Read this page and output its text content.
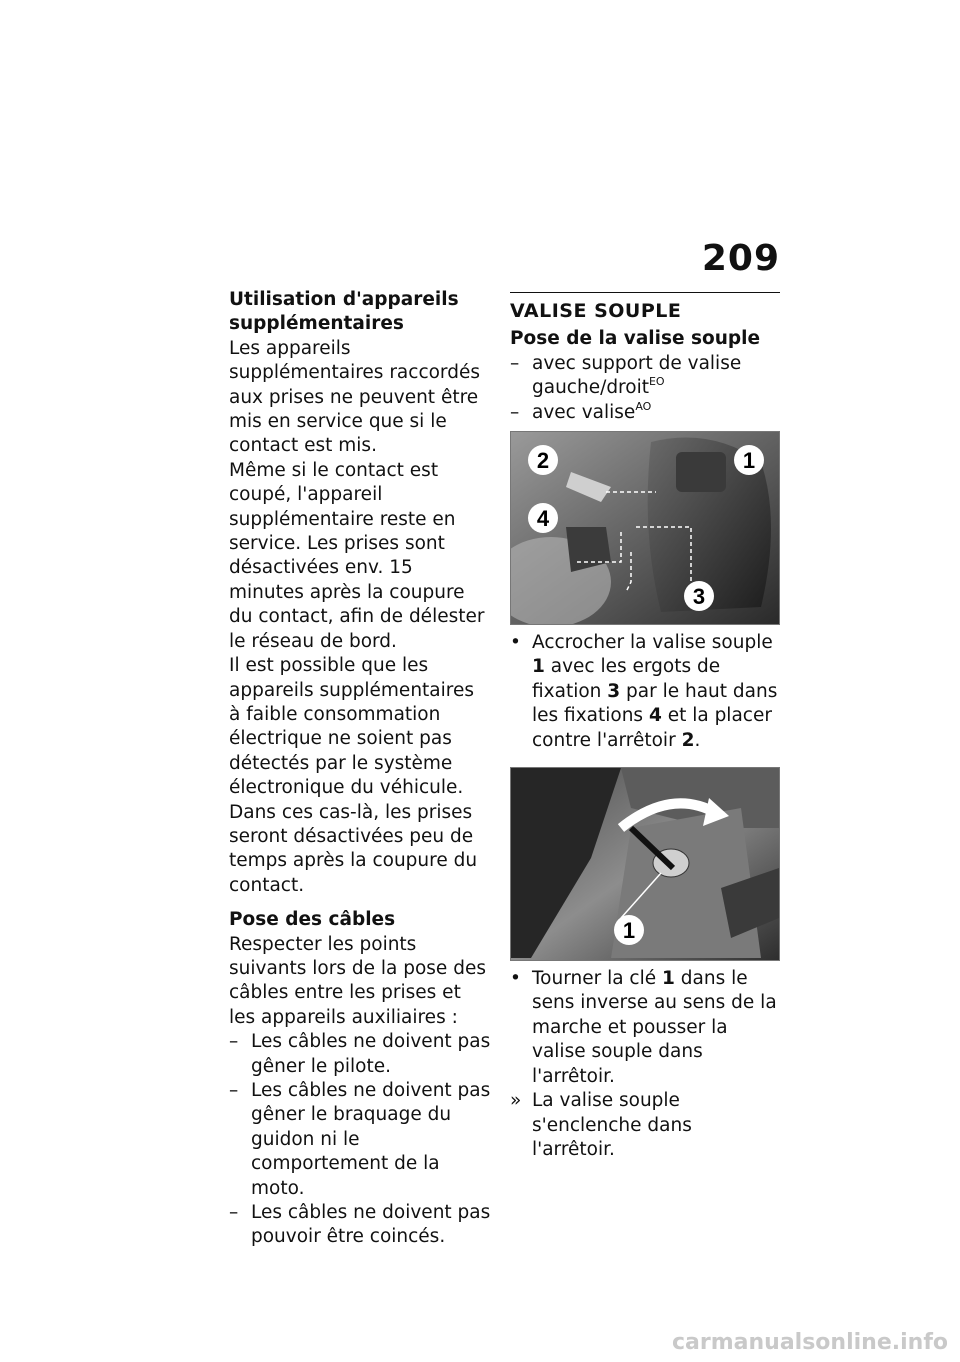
209

Utilisation d'appareils supplémentaires

Les appareils supplémentaires raccordés aux prises ne peuvent être mis en service que si le contact est mis.

Même si le contact est coupé, l'appareil supplémentaire reste en service. Les prises sont désactivées env. 15 minutes après la coupure du contact, afin de délester le réseau de bord.

Il est possible que les appareils supplémentaires à faible consommation électrique ne soient pas détectés par le système électronique du véhicule. Dans ces cas-là, les prises seront désactivées peu de temps après la coupure du contact.

Pose des câbles

Respecter les points suivants lors de la pose des câbles entre les prises et les appareils auxiliaires :

– Les câbles ne doivent pas gêner le pilote.
– Les câbles ne doivent pas gêner le braquage du guidon ni le comportement de la moto.
– Les câbles ne doivent pas pouvoir être coincés.

VALISE SOUPLE

Pose de la valise souple

– avec support de valise gauche/droit$^{EO}$
– avec valise$^{AO}$
2	1
4
3
• Accrocher la valise souple 1 avec les ergots de fixation 3 par le haut dans les fixations 4 et la placer contre l'arrêtoir 2.
1
• Tourner la clé 1 dans le sens inverse au sens de la marche et pousser la valise souple dans l'arrêtoir.
» La valise souple s'enclenche dans l'arrêtoir.
carmanualsonline.info
